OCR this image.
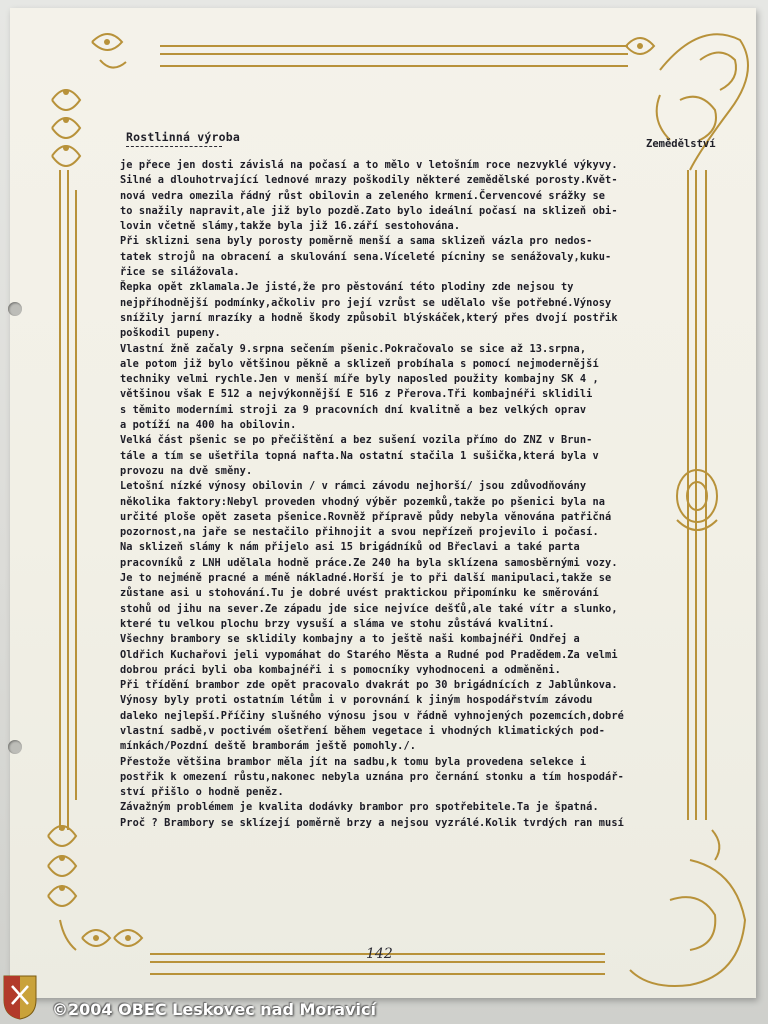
Rostlinná výroba	Zemědělství
je přece jen dosti závislá na počasí a to mělo v letošním roce nezvyklé výkyvy.
Silné a dlouhotrvající lednové mrazy poškodily některé zemědělské porosty.Květ-
nová vedra omezila řádný růst obilovin a zeleného krmení.Červencové srážky se
to snažily napravit,ale již bylo pozdě.Zato bylo ideální počasí na sklizeň obi-
lovin včetně slámy,takže byla již 16.září sestohována.
Při sklizni sena byly porosty poměrně menší a sama sklizeň vázla pro nedos-
tatek strojů na obracení a skulování sena.Víceleté pícniny se senážovaly,kuku-
řice se silážovala.
Řepka opět zklamala.Je jisté,že pro pěstování této plodiny zde nejsou ty
nejpříhodnější podmínky,ačkoliv pro její vzrůst se udělalo vše potřebné.Výnosy
snížily jarní mrazíky a hodně škody způsobil blýskáček,který přes dvojí postřik
poškodil pupeny.
Vlastní žně začaly 9.srpna sečením pšenic.Pokračovalo se sice až 13.srpna,
ale potom již bylo většinou pěkně a sklizeň probíhala s pomocí nejmodernější
techniky velmi rychle.Jen v menší míře byly naposled použity kombajny SK 4 ,
většinou však E 512 a nejvýkonnější E 516 z Přerova.Tři kombajnéři sklidili
s těmito moderními stroji za 9 pracovních dní kvalitně a bez velkých oprav
a potíží na 400 ha obilovin.
Velká část pšenic se po přečištění a bez sušení vozila přímo do ZNZ v Brun-
tále a tím se ušetřila topná nafta.Na ostatní stačila 1 sušička,která byla v
provozu na dvě směny.
Letošní nízké výnosy obilovin / v rámci závodu nejhorší/ jsou zdůvodňovány
několika faktory:Nebyl proveden vhodný výběr pozemků,takže po pšenici byla na
určité ploše opět zaseta pšenice.Rovněž přípravě půdy nebyla věnována patřičná
pozornost,na jaře se nestačilo přihnojit a svou nepřízeň projevilo i počasí.
Na sklizeň slámy k nám přijelo asi 15 brigádníků od Břeclavi a také parta
pracovníků z LNH udělala hodně práce.Ze 240 ha byla sklízena samosběrnými vozy.
Je to nejméně pracné a méně nákladné.Horší je to při další manipulaci,takže se
zůstane asi u stohování.Tu je dobré uvést praktickou připomínku ke směrování
stohů od jihu na sever.Ze západu jde sice nejvíce dešťů,ale také vítr a slunko,
které tu velkou plochu brzy vysuší a sláma ve stohu zůstává kvalitní.
Všechny brambory se sklidily kombajny a to ještě naši kombajnéři Ondřej a
Oldřich Kuchařovi jeli vypomáhat do Starého Města a Rudné pod Pradědem.Za velmi
dobrou práci byli oba kombajnéři i s pomocníky vyhodnoceni a odměněni.
Při třídění brambor zde opět pracovalo dvakrát po 30 brigádnících z Jablůnkova.
Výnosy byly proti ostatním létům i v porovnání k jiným hospodářstvím závodu
daleko nejlepší.Příčiny slušného výnosu jsou v řádně vyhnojených pozemcích,dobré
vlastní sadbě,v poctivém ošetření během vegetace i vhodných klimatických pod-
mínkách/Pozdní deště bramborám ještě pomohly./.
Přestože většina brambor měla jít na sadbu,k tomu byla provedena selekce i
postřik k omezení růstu,nakonec nebyla uznána pro černání stonku a tím hospodář-
ství přišlo o hodně peněz.
Závažným problémem je kvalita dodávky brambor pro spotřebitele.Ta je špatná.
Proč ? Brambory se sklízejí poměrně brzy a nejsou vyzrálé.Kolik tvrdých ran musí
142
©2004 OBEC Leskovec nad Moravicí
